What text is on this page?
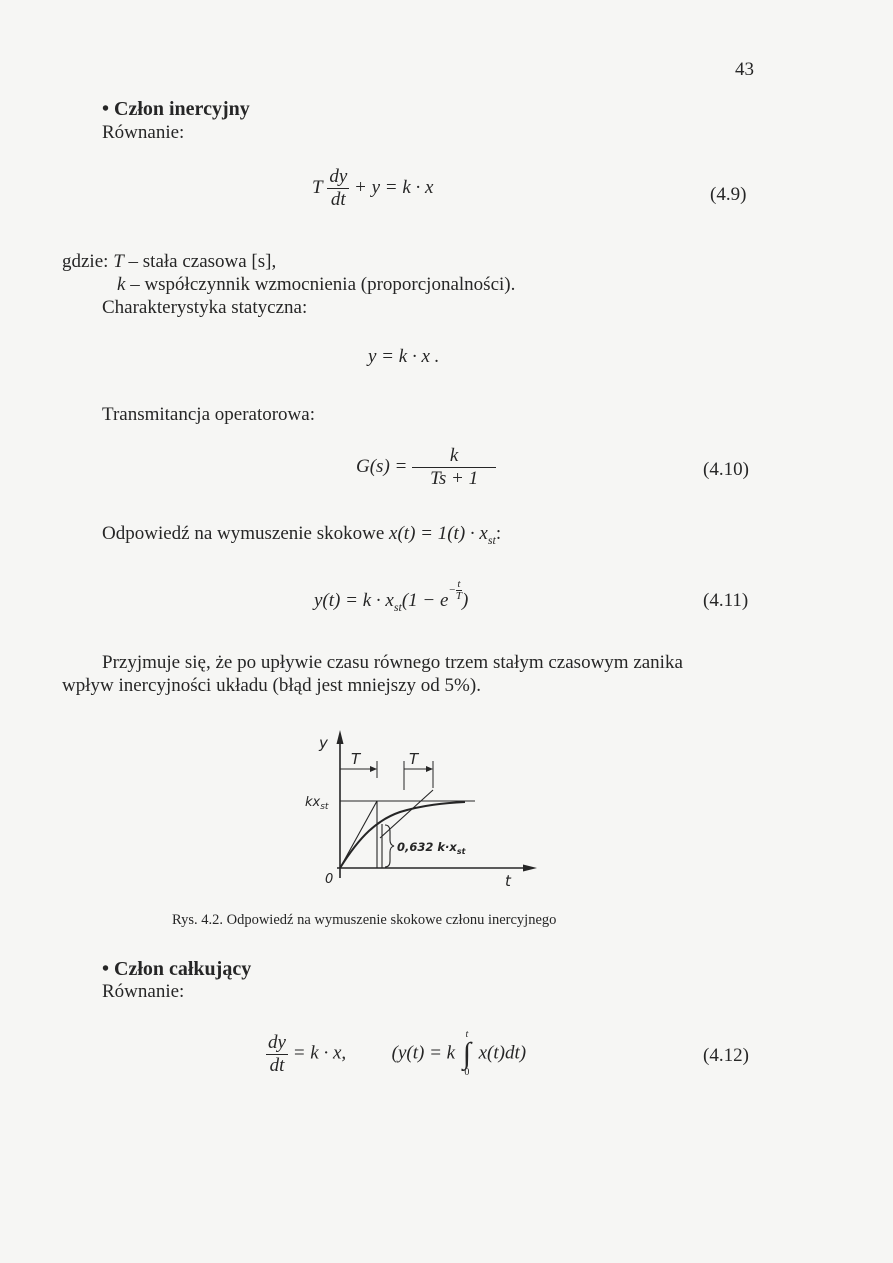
43
• Człon inercyjny
Równanie:
T $\frac{dy}{dt} + y = k \cdot x$	(4.9)
gdzie: T – stała czasowa [s],
k – współczynnik wzmocnienia (proporcjonalności).
Charakterystyka statyczna:
y = k · x .
Transmitancja operatorowa:
$G(s) = \frac{k}{Ts + 1}$	(4.10)
Odpowiedź na wymuszenie skokowe $x(t) = 1(t) \cdot x_{st}$:
$y(t) = k \cdot x_{st}(1 - e- \frac{t}{T}$ )	(4.11)
Przyjmuje się, że po upływie czasu równego trzem stałym czasowym zanika
wpływ inercyjności układu (błąd jest mniejszy od 5%).
y
t
0
$kx_{st}$
T	T
0,632 $k\cdot x_{st}$
Rys. 4.2. Odpowiedź na wymuszenie skokowe członu inercyjnego
• Człon całkujący
Równanie:
$\frac{dy}{dt} = k \cdot x$, (y(t) = k
t
∫
0
x(t)dt)	(4.12)
